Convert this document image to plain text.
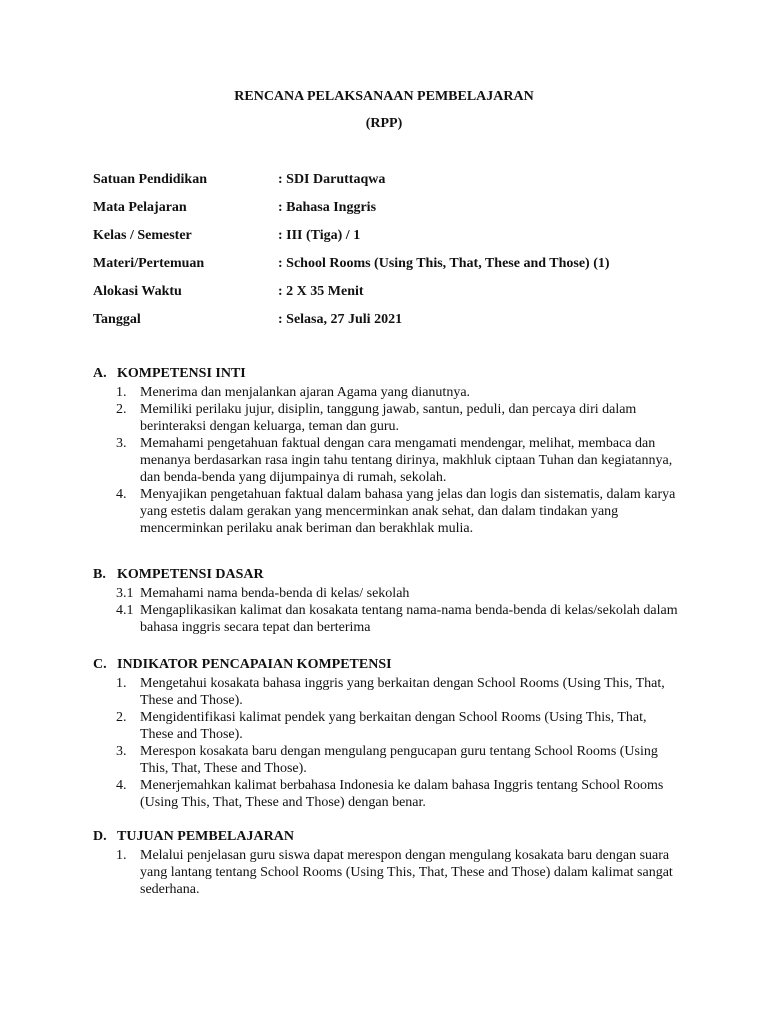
RENCANA PELAKSANAAN PEMBELAJARAN
(RPP)
Satuan Pendidikan	: SDI Daruttaqwa
Mata Pelajaran	: Bahasa Inggris
Kelas / Semester	: III (Tiga) / 1
Materi/Pertemuan	: School Rooms (Using This, That, These and Those) (1)
Alokasi Waktu	: 2 X 35 Menit
Tanggal	: Selasa, 27 Juli 2021
A. KOMPETENSI INTI
1. Menerima dan menjalankan ajaran Agama yang dianutnya.
2. Memiliki perilaku jujur, disiplin, tanggung jawab, santun, peduli, dan percaya diri dalam berinteraksi dengan keluarga, teman dan guru.
3. Memahami pengetahuan faktual dengan cara mengamati mendengar, melihat, membaca dan menanya berdasarkan rasa ingin tahu tentang dirinya, makhluk ciptaan Tuhan dan kegiatannya, dan benda-benda yang dijumpainya di rumah, sekolah.
4. Menyajikan pengetahuan faktual dalam bahasa yang jelas dan logis dan sistematis, dalam karya yang estetis dalam gerakan yang mencerminkan anak sehat, dan dalam tindakan yang mencerminkan perilaku anak beriman dan berakhlak mulia.
B. KOMPETENSI DASAR
3.1 Memahami nama benda-benda di kelas/ sekolah
4.1 Mengaplikasikan kalimat dan kosakata tentang nama-nama benda-benda di kelas/sekolah dalam bahasa inggris secara tepat dan berterima
C. INDIKATOR PENCAPAIAN KOMPETENSI
1. Mengetahui kosakata bahasa inggris yang berkaitan dengan School Rooms (Using This, That, These and Those).
2. Mengidentifikasi kalimat pendek yang berkaitan dengan School Rooms (Using This, That, These and Those).
3. Merespon kosakata baru dengan mengulang pengucapan guru tentang School Rooms (Using This, That, These and Those).
4. Menerjemahkan kalimat berbahasa Indonesia ke dalam bahasa Inggris tentang School Rooms (Using This, That, These and Those) dengan benar.
D. TUJUAN PEMBELAJARAN
1. Melalui penjelasan guru siswa dapat merespon dengan mengulang kosakata baru dengan suara yang lantang tentang School Rooms (Using This, That, These and Those) dalam kalimat sangat sederhana.
